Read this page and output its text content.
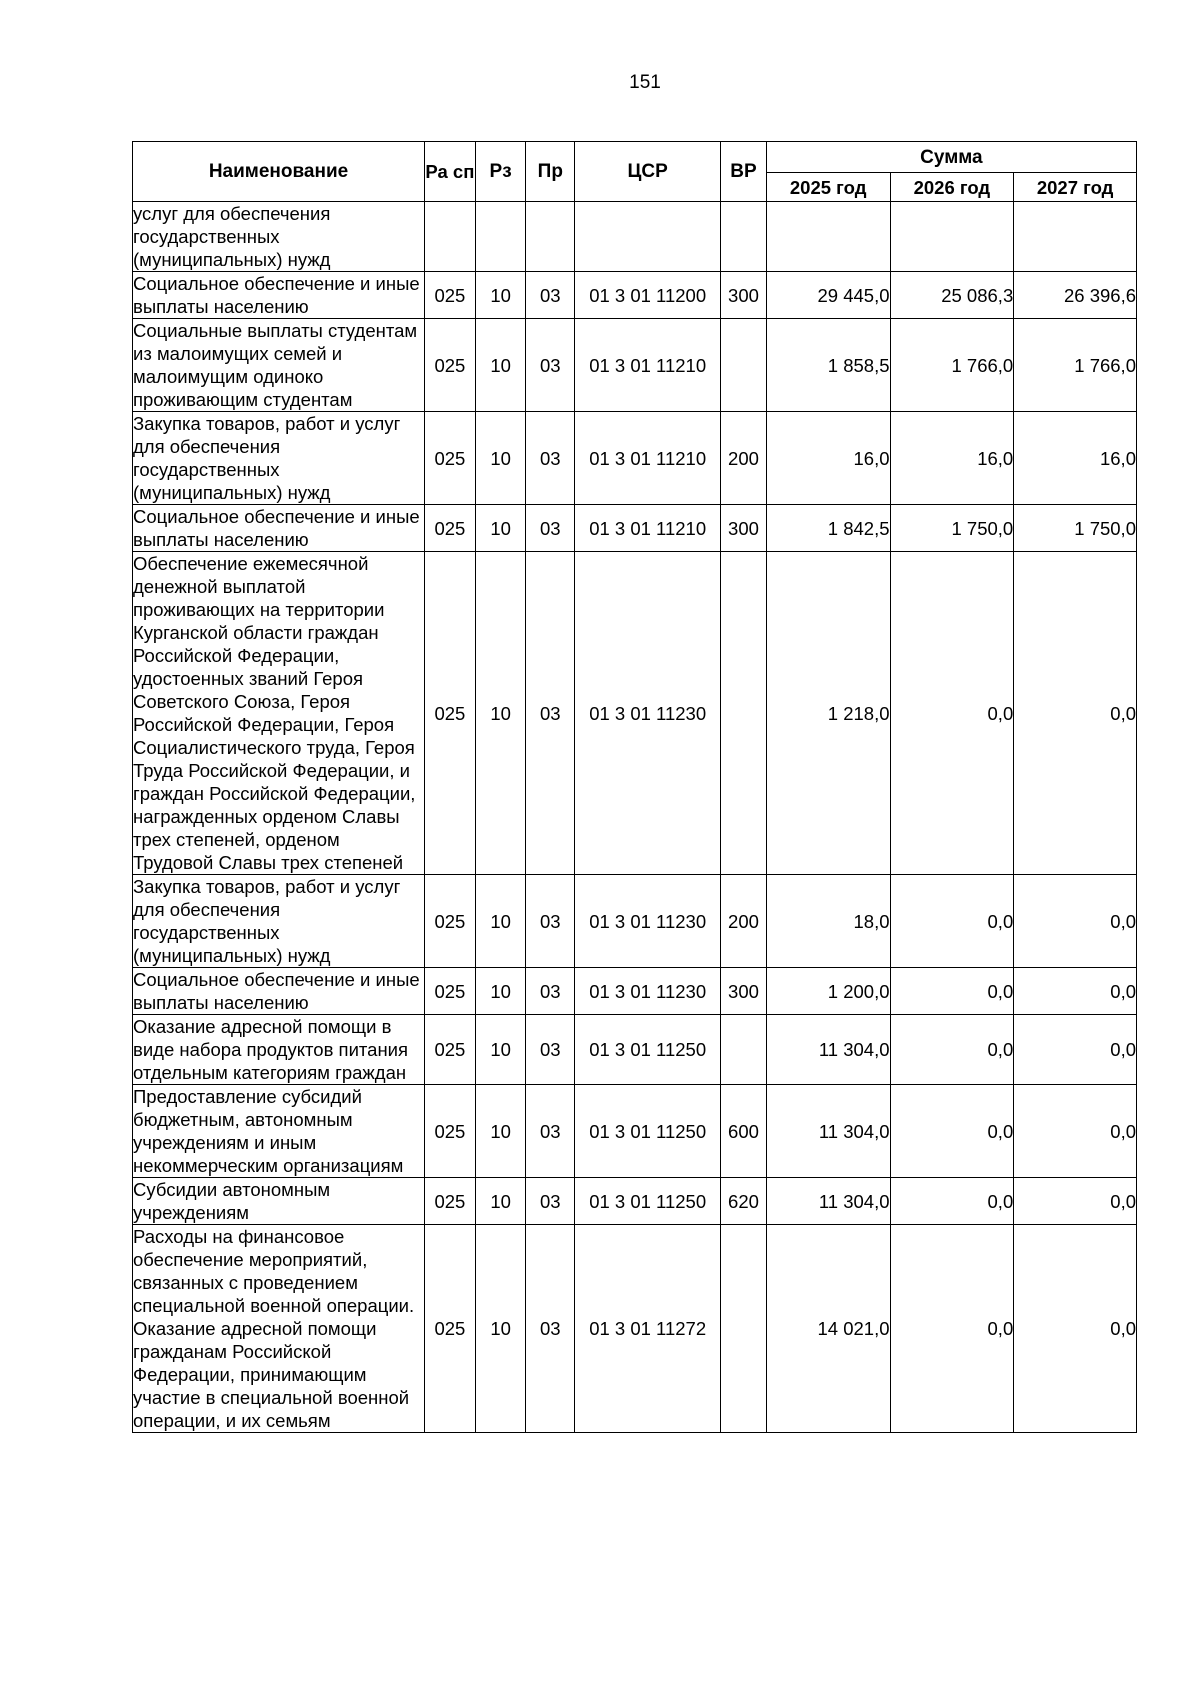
151
Наименование	Ра сп	Рз	Пр	ЦСР	ВР	Сумма		
						2025 год	2026 год	2027 год
услуг для обеспечения государственных (муниципальных) нужд								
Социальное обеспечение и иные выплаты населению	025	10	03	01 3 01 11200	300	29 445,0	25 086,3	26 396,6
Социальные выплаты студентам из малоимущих семей и малоимущим одиноко проживающим студентам	025	10	03	01 3 01 11210		1 858,5	1 766,0	1 766,0
Закупка товаров, работ и услуг для обеспечения государственных (муниципальных) нужд	025	10	03	01 3 01 11210	200	16,0	16,0	16,0
Социальное обеспечение и иные выплаты населению	025	10	03	01 3 01 11210	300	1 842,5	1 750,0	1 750,0
Обеспечение ежемесячной денежной выплатой проживающих на территории Курганской области граждан Российской Федерации, удостоенных званий Героя Советского Союза, Героя Российской Федерации, Героя Социалистического труда, Героя Труда Российской Федерации, и граждан Российской Федерации, награжденных орденом Славы трех степеней, орденом Трудовой Славы трех степеней	025	10	03	01 3 01 11230		1 218,0	0,0	0,0
Закупка товаров, работ и услуг для обеспечения государственных (муниципальных) нужд	025	10	03	01 3 01 11230	200	18,0	0,0	0,0
Социальное обеспечение и иные выплаты населению	025	10	03	01 3 01 11230	300	1 200,0	0,0	0,0
Оказание адресной помощи в виде набора продуктов питания отдельным категориям граждан	025	10	03	01 3 01 11250		11 304,0	0,0	0,0
Предоставление субсидий бюджетным, автономным учреждениям и иным некоммерческим организациям	025	10	03	01 3 01 11250	600	11 304,0	0,0	0,0
Субсидии автономным учреждениям	025	10	03	01 3 01 11250	620	11 304,0	0,0	0,0
Расходы на финансовое обеспечение мероприятий, связанных с проведением специальной военной операции. Оказание адресной помощи гражданам Российской Федерации, принимающим участие в специальной военной операции, и их семьям	025	10	03	01 3 01 11272		14 021,0	0,0	0,0
